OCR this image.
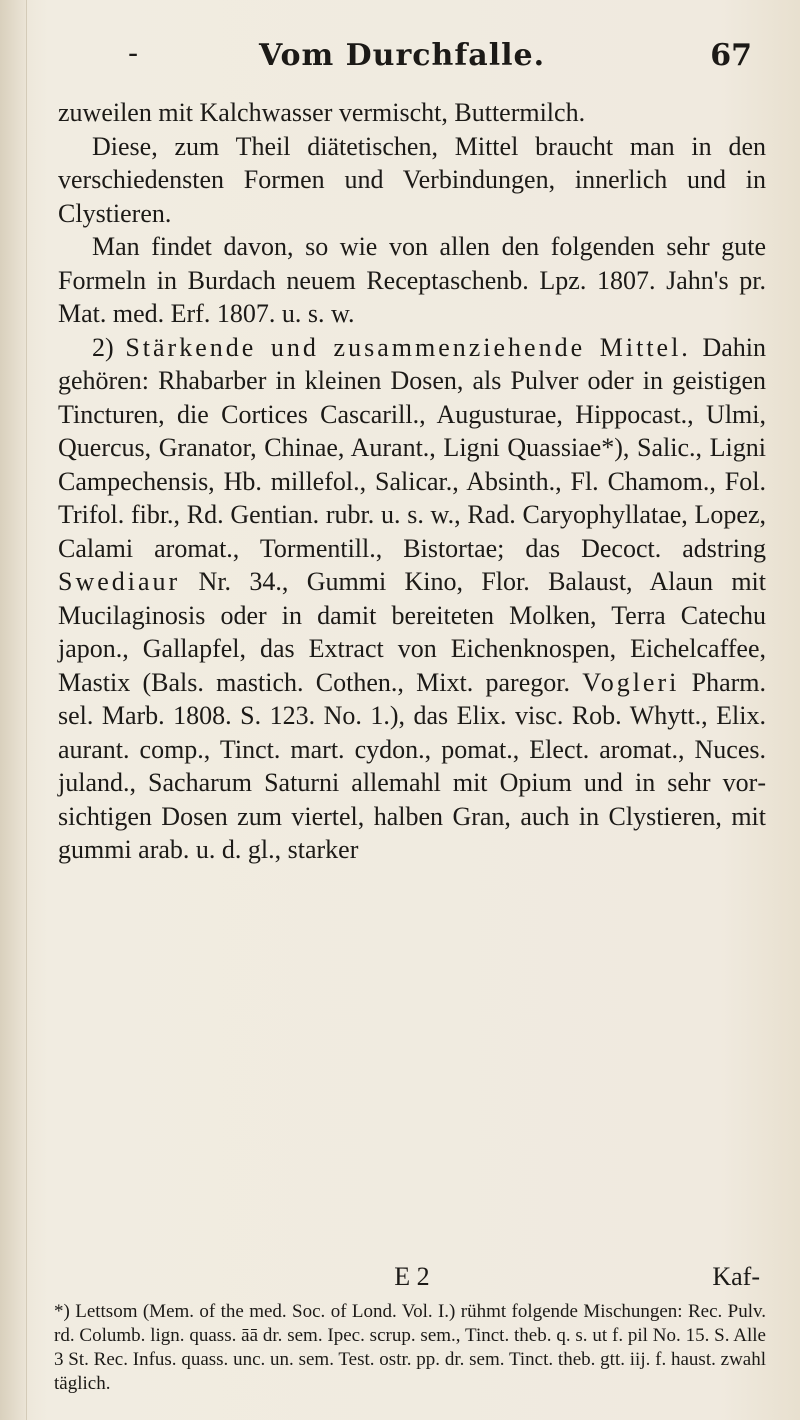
-	Vom Durchfalle.	67

zuweilen mit Kalchwasser vermischt, Buttermilch.

Diese, zum Theil diätetischen, Mittel braucht man in den verschiedensten Formen und Verbindungen, innerlich und in Clystieren.

Man findet davon, so wie von allen den folgenden sehr gute Formeln in Burdach neuem Receptaschenb. Lpz. 1807. Jahn's pr. Mat. med. Erf. 1807. u. s. w.

2) Stärkende und zusammenziehende Mittel. Dahin gehören: Rhabarber in kleinen Dosen, als Pulver oder in geistigen Tincturen, die Cortices Cascarill., Augusturae, Hippocast., Ulmi, Quercus, Granator, Chinae, Aurant., Ligni Quassiae*), Salic., Ligni Campechensis, Hb. millefol., Salicar., Absinth., Fl. Chamom., Fol. Trifol. fibr., Rd. Gentian. rubr. u. s. w., Rad. Caryophyllatae, Lopez, Calami aromat., Tormentill., Bistortae; das Decoct. adstring Swediaur Nr. 34., Gummi Kino, Flor. Balaust, Alaun mit Mucilaginosis oder in damit bereiteten Molken, Terra Catechu japon., Gallapfel, das Extract von Eichenknospen, Eichelcaffee, Mastix (Bals. mastich. Cothen., Mixt. paregor. Vogleri Pharm. sel. Marb. 1808. S. 123. No. 1.), das Elix. visc. Rob. Whytt., Elix. aurant. comp., Tinct. mart. cydon., pomat., Elect. aromat., Nuces. juland., Sacharum Saturni allemahl mit Opium und in sehr vorsichtigen Dosen zum viertel, halben Gran, auch in Clystieren, mit gummi arab. u. d. gl., starker

E 2	Kaf-

*) Lettsom (Mem. of the med. Soc. of Lond. Vol. I.) rühmt folgende Mischungen: Rec. Pulv. rd. Columb. lign. quass. āā dr. sem. Ipec. scrup. sem., Tinct. theb. q. s. ut f. pil No. 15. S. Alle 3 St. Rec. Infus. quass. unc. un. sem. Test. ostr. pp. dr. sem. Tinct. theb. gtt. iij. f. haust. zwahl täglich.
